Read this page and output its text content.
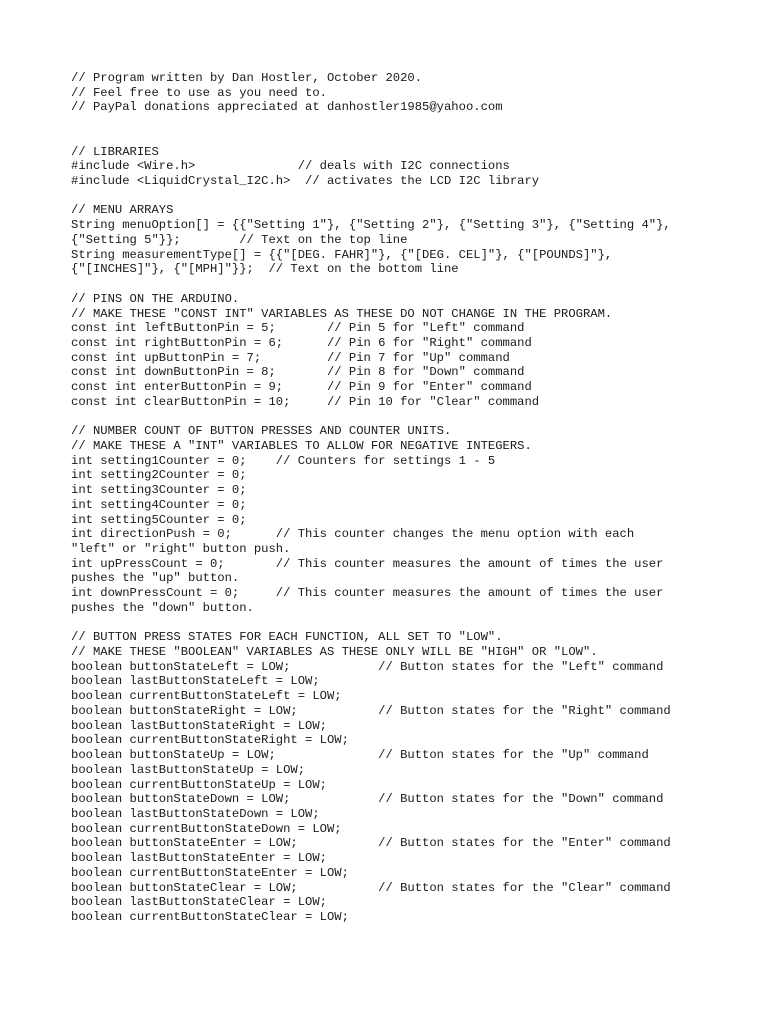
// Program written by Dan Hostler, October 2020.
// Feel free to use as you need to.
// PayPal donations appreciated at danhostler1985@yahoo.com
// LIBRARIES
#include <Wire.h>              // deals with I2C connections
#include <LiquidCrystal_I2C.h>  // activates the LCD I2C library
// MENU ARRAYS
String menuOption[] = {{"Setting 1"}, {"Setting 2"}, {"Setting 3"}, {"Setting 4"},
{"Setting 5"}};        // Text on the top line
String measurementType[] = {{"[DEG. FAHR]"}, {"[DEG. CEL]"}, {"[POUNDS]"},
{"[INCHES]"}, {"[MPH]"}};  // Text on the bottom line
// PINS ON THE ARDUINO.
// MAKE THESE "CONST INT" VARIABLES AS THESE DO NOT CHANGE IN THE PROGRAM.
const int leftButtonPin = 5;       // Pin 5 for "Left" command
const int rightButtonPin = 6;      // Pin 6 for "Right" command
const int upButtonPin = 7;         // Pin 7 for "Up" command
const int downButtonPin = 8;       // Pin 8 for "Down" command
const int enterButtonPin = 9;      // Pin 9 for "Enter" command
const int clearButtonPin = 10;     // Pin 10 for "Clear" command
// NUMBER COUNT OF BUTTON PRESSES AND COUNTER UNITS.
// MAKE THESE A "INT" VARIABLES TO ALLOW FOR NEGATIVE INTEGERS.
int setting1Counter = 0;    // Counters for settings 1 - 5
int setting2Counter = 0;
int setting3Counter = 0;
int setting4Counter = 0;
int setting5Counter = 0;
int directionPush = 0;      // This counter changes the menu option with each
"left" or "right" button push.
int upPressCount = 0;       // This counter measures the amount of times the user
pushes the "up" button.
int downPressCount = 0;     // This counter measures the amount of times the user
pushes the "down" button.
// BUTTON PRESS STATES FOR EACH FUNCTION, ALL SET TO "LOW".
// MAKE THESE "BOOLEAN" VARIABLES AS THESE ONLY WILL BE "HIGH" OR "LOW".
boolean buttonStateLeft = LOW;            // Button states for the "Left" command
boolean lastButtonStateLeft = LOW;
boolean currentButtonStateLeft = LOW;
boolean buttonStateRight = LOW;           // Button states for the "Right" command
boolean lastButtonStateRight = LOW;
boolean currentButtonStateRight = LOW;
boolean buttonStateUp = LOW;              // Button states for the "Up" command
boolean lastButtonStateUp = LOW;
boolean currentButtonStateUp = LOW;
boolean buttonStateDown = LOW;            // Button states for the "Down" command
boolean lastButtonStateDown = LOW;
boolean currentButtonStateDown = LOW;
boolean buttonStateEnter = LOW;           // Button states for the "Enter" command
boolean lastButtonStateEnter = LOW;
boolean currentButtonStateEnter = LOW;
boolean buttonStateClear = LOW;           // Button states for the "Clear" command
boolean lastButtonStateClear = LOW;
boolean currentButtonStateClear = LOW;
